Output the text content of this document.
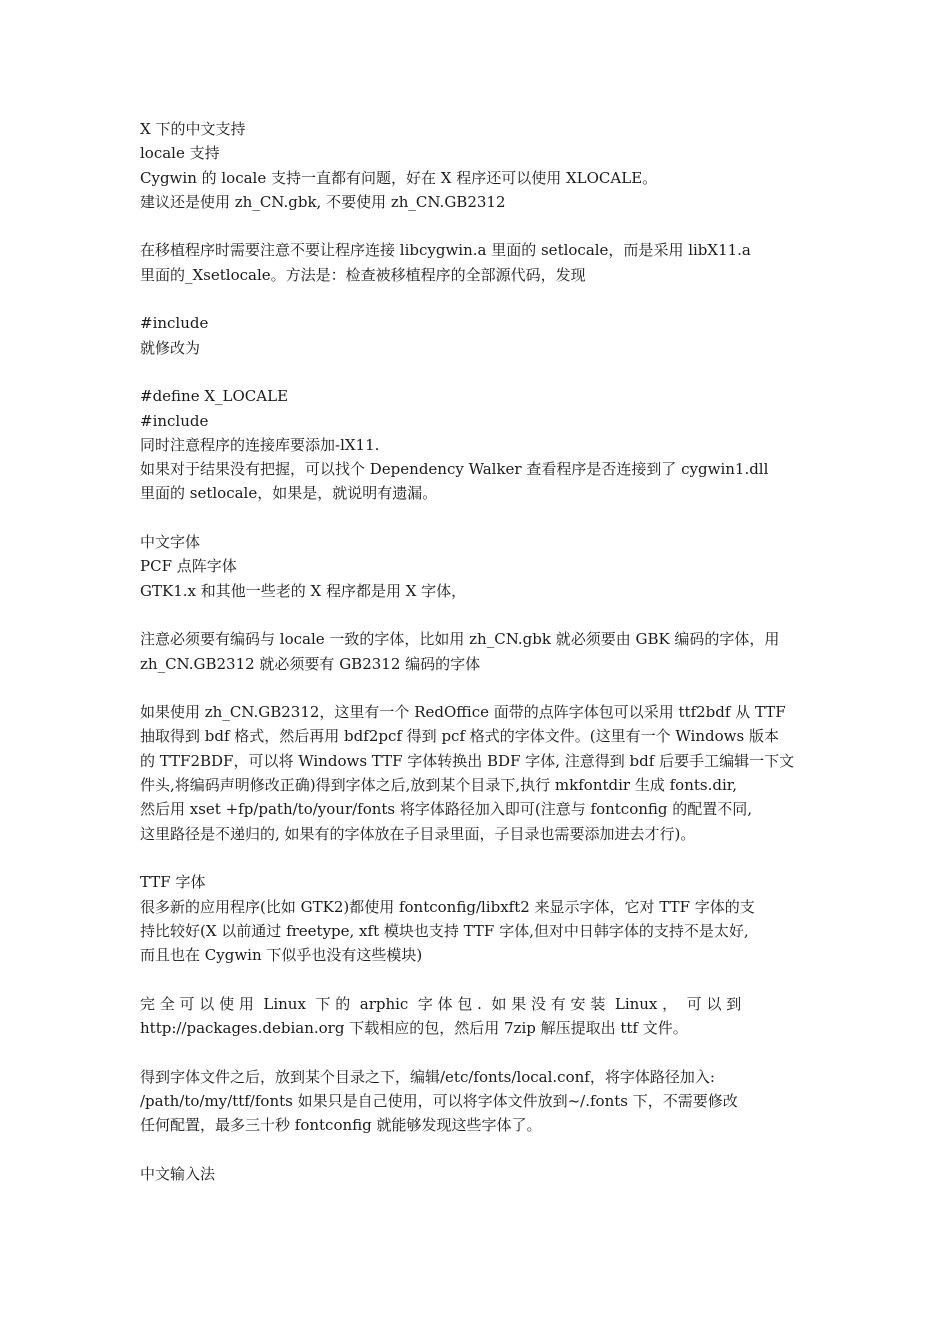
X 下的中文支持
locale 支持
Cygwin 的 locale 支持一直都有问题，好在 X 程序还可以使用 XLOCALE。
建议还是使用 zh_CN.gbk, 不要使用 zh_CN.GB2312
在移植程序时需要注意不要让程序连接 libcygwin.a 里面的 setlocale，而是采用 libX11.a
里面的_Xsetlocale。方法是：检查被移植程序的全部源代码，发现
#include
就修改为
#define X_LOCALE
#include
同时注意程序的连接库要添加-lX11.
如果对于结果没有把握，可以找个 Dependency Walker 查看程序是否连接到了 cygwin1.dll
里面的 setlocale，如果是，就说明有遗漏。
中文字体
PCF 点阵字体
GTK1.x 和其他一些老的 X 程序都是用 X 字体，
注意必须要有编码与 locale 一致的字体，比如用 zh_CN.gbk 就必须要由 GBK 编码的字体，用
zh_CN.GB2312 就必须要有 GB2312 编码的字体
如果使用 zh_CN.GB2312，这里有一个 RedOffice 面带的点阵字体包可以采用 ttf2bdf 从 TTF
抽取得到 bdf 格式，然后再用 bdf2pcf 得到 pcf 格式的字体文件。(这里有一个 Windows 版本
的 TTF2BDF，可以将 Windows TTF 字体转换出 BDF 字体, 注意得到 bdf 后要手工编辑一下文
件头,将编码声明修改正确)得到字体之后,放到某个目录下,执行 mkfontdir 生成 fonts.dir,
然后用 xset +fp/path/to/your/fonts 将字体路径加入即可(注意与 fontconfig 的配置不同,
这里路径是不递归的, 如果有的字体放在子目录里面，子目录也需要添加进去才行)。
TTF 字体
很多新的应用程序(比如 GTK2)都使用 fontconfig/libxft2 来显示字体，它对 TTF 字体的支
持比较好(X 以前通过 freetype, xft 模块也支持 TTF 字体,但对中日韩字体的支持不是太好,
而且也在 Cygwin 下似乎也没有这些模块)
完 全 可 以 使 用  Linux  下 的  arphic  字 体 包 .  如 果 没 有 安 装  Linux ，  可 以 到
http://packages.debian.org 下载相应的包，然后用 7zip 解压提取出 ttf 文件。
得到字体文件之后，放到某个目录之下，编辑/etc/fonts/local.conf，将字体路径加入:
/path/to/my/ttf/fonts 如果只是自己使用，可以将字体文件放到~/.fonts 下，不需要修改
任何配置，最多三十秒 fontconfig 就能够发现这些字体了。
中文输入法
